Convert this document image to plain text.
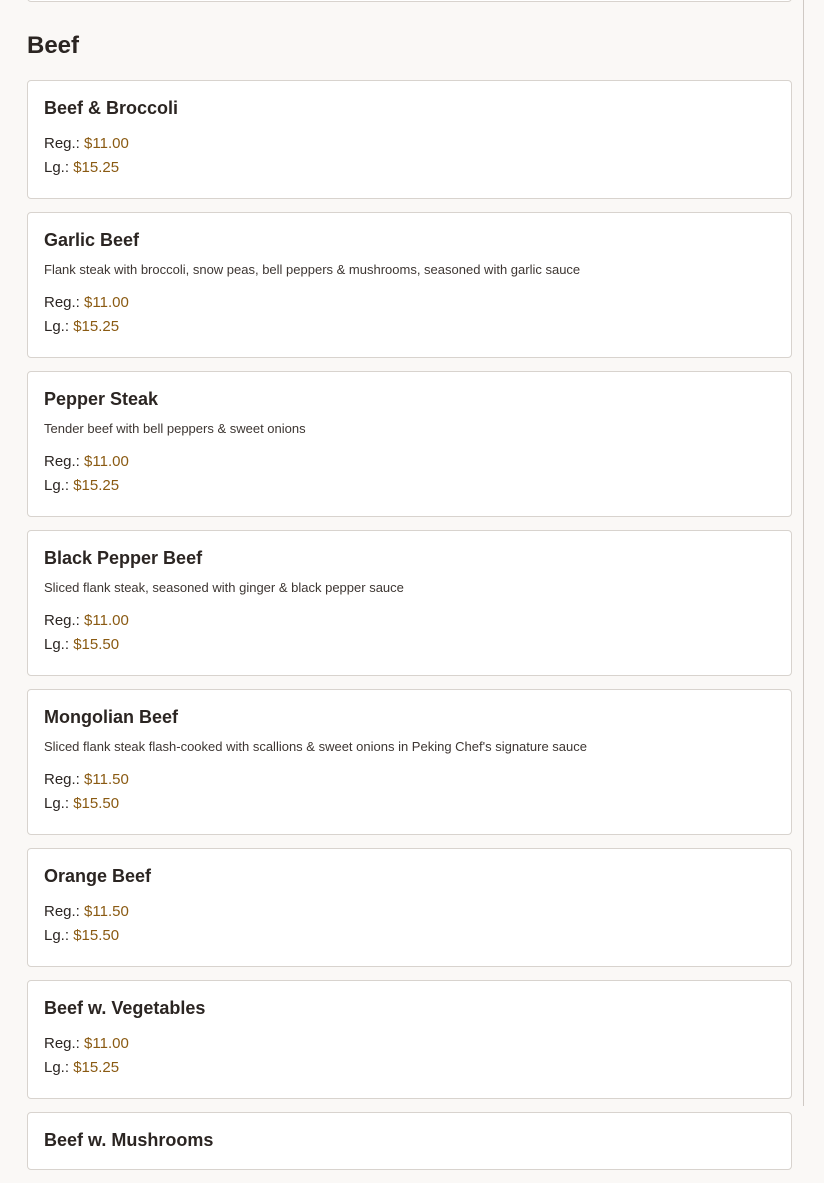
Beef
Beef & Broccoli
Reg.: $11.00
Lg.: $15.25
Garlic Beef
Flank steak with broccoli, snow peas, bell peppers & mushrooms, seasoned with garlic sauce
Reg.: $11.00
Lg.: $15.25
Pepper Steak
Tender beef with bell peppers & sweet onions
Reg.: $11.00
Lg.: $15.25
Black Pepper Beef
Sliced flank steak, seasoned with ginger & black pepper sauce
Reg.: $11.00
Lg.: $15.50
Mongolian Beef
Sliced flank steak flash-cooked with scallions & sweet onions in Peking Chef's signature sauce
Reg.: $11.50
Lg.: $15.50
Orange Beef
Reg.: $11.50
Lg.: $15.50
Beef w. Vegetables
Reg.: $11.00
Lg.: $15.25
Beef w. Mushrooms
